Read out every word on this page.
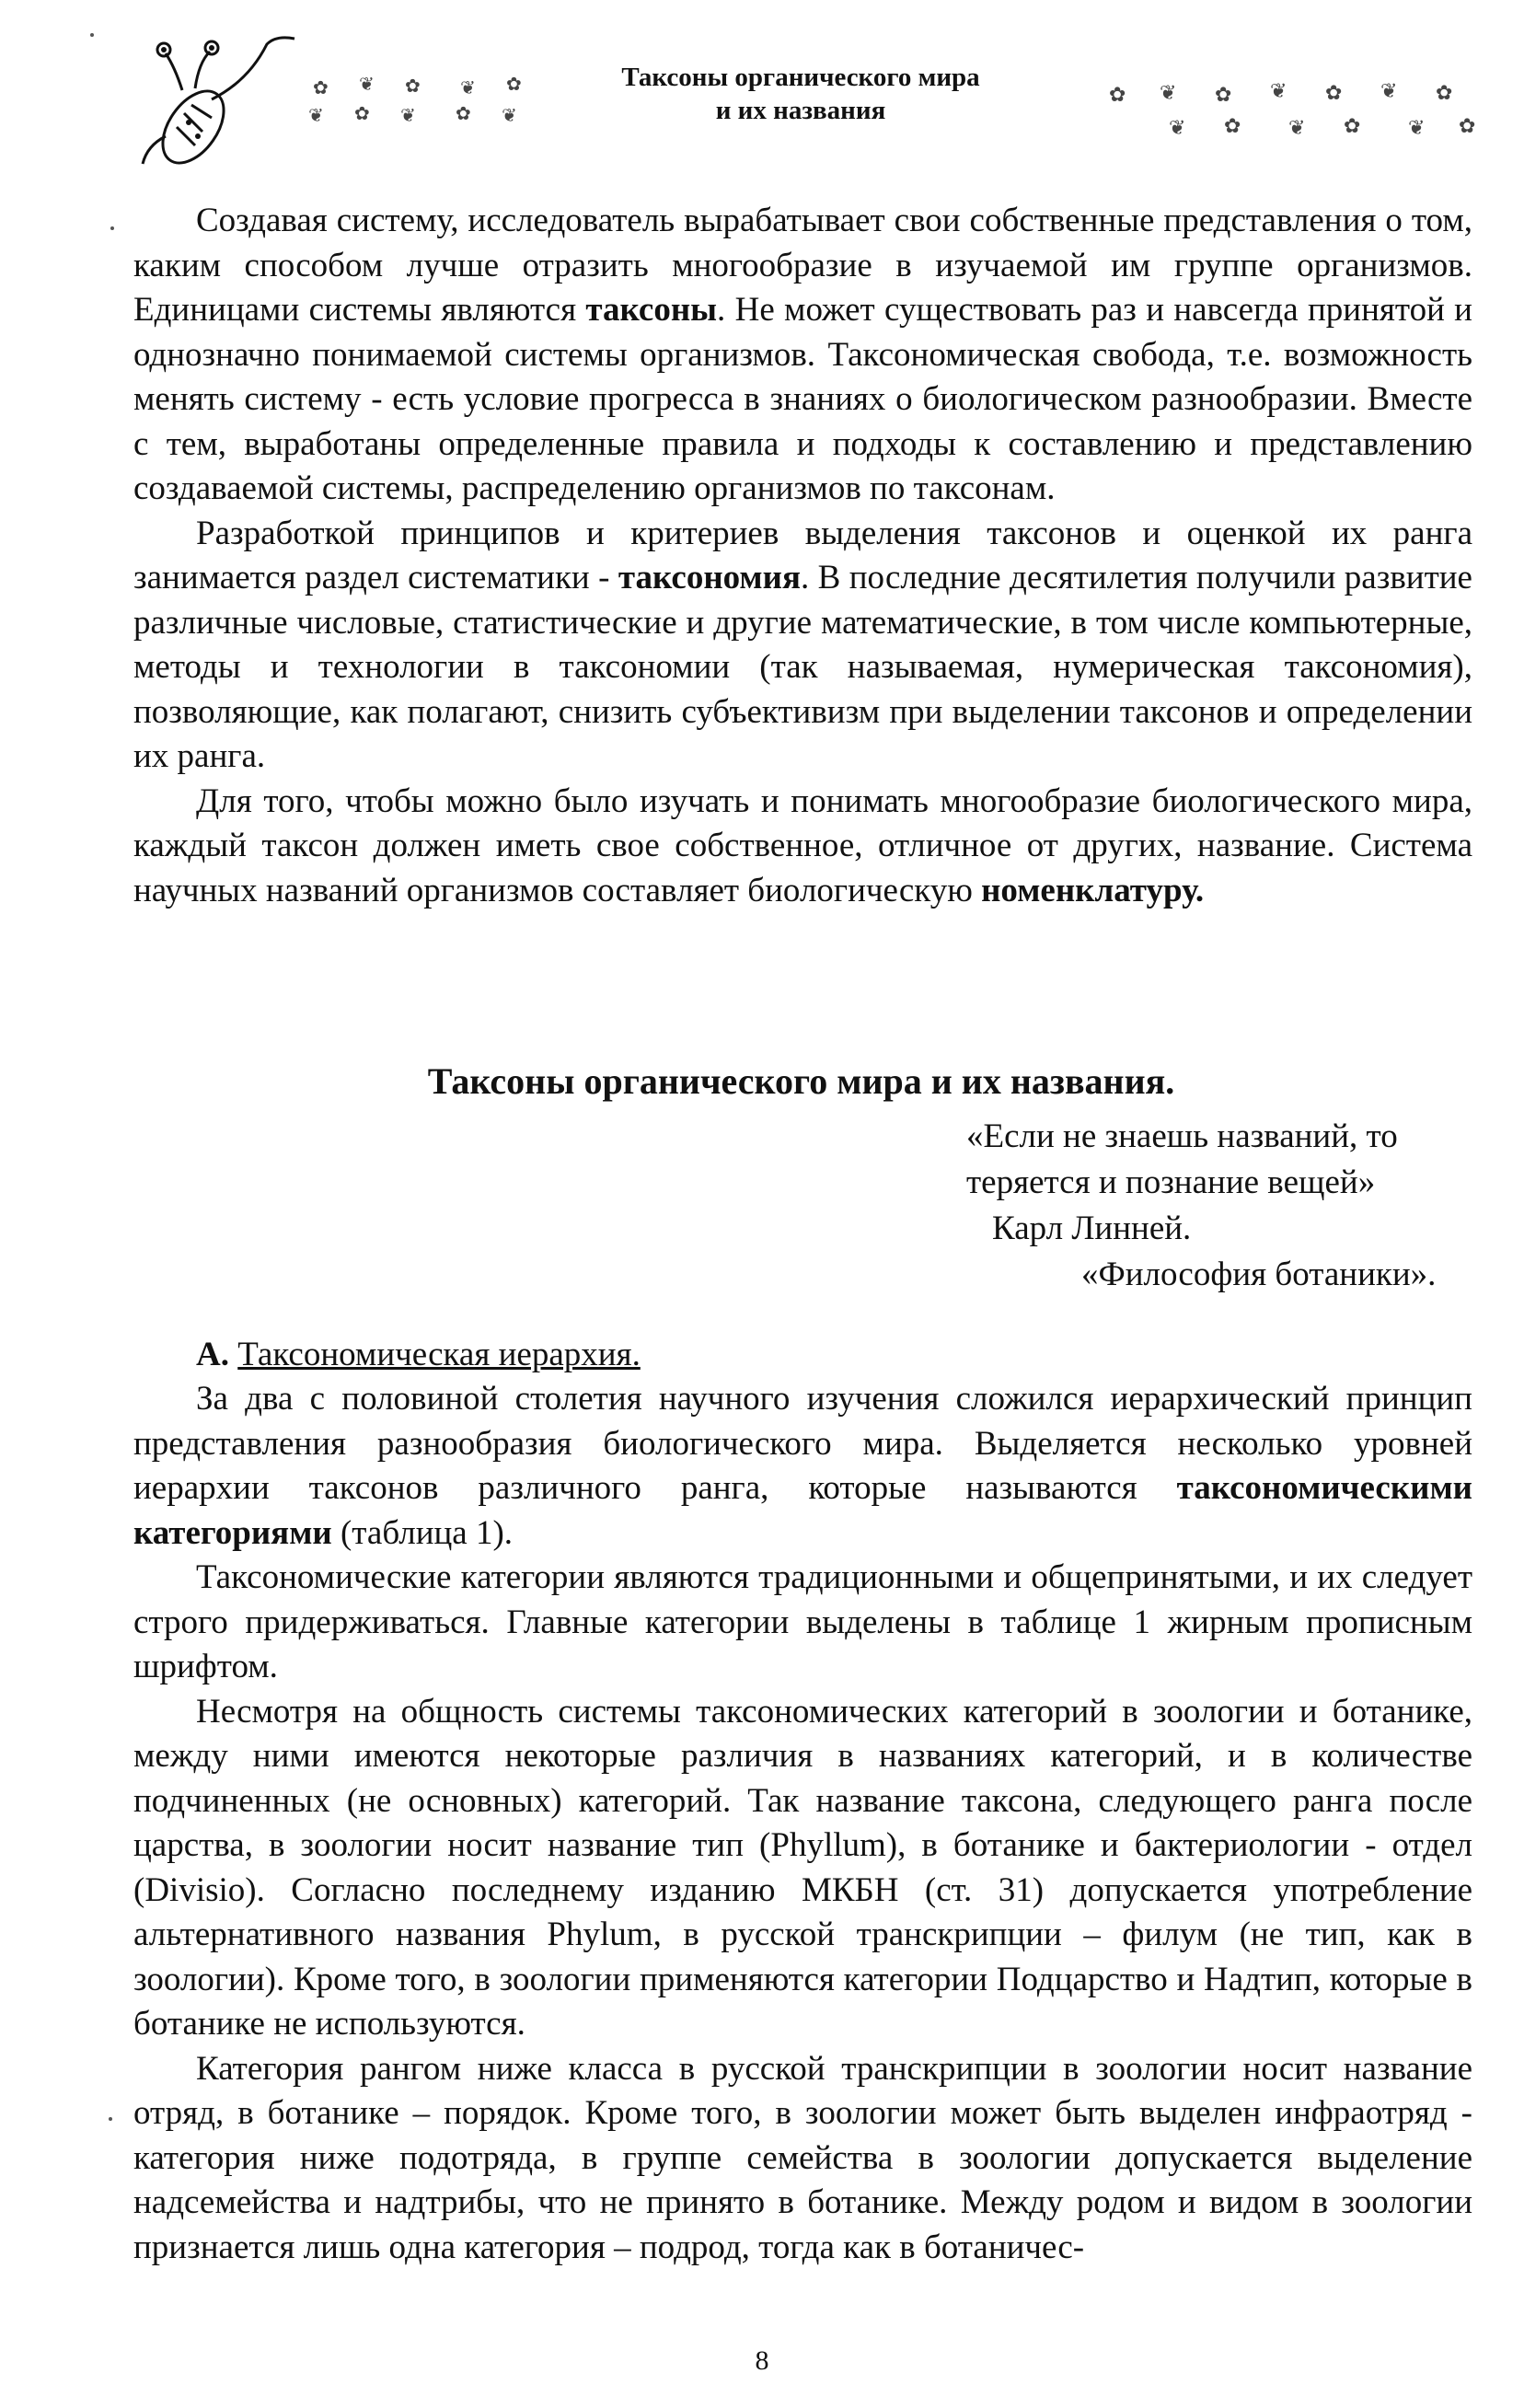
✿ ❦ ✿ ❦ ✿
❦ ✿ ❦ ✿ ❦
✿ ❦ ✿ ❦ ✿ ❦ ✿
❦ ✿ ❦ ✿ ❦ ✿
Таксоны органического мира
и их названия

Создавая систему, исследователь вырабатывает свои собственные представления о том, каким способом лучше отразить многообразие в изучаемой им группе организмов. Единицами системы являются таксоны. Не может существовать раз и навсегда принятой и однозначно понимаемой системы организмов. Таксономическая свобода, т.е. возможность менять систему - есть условие прогресса в знаниях о биологическом разнообразии. Вместе с тем, выработаны определенные правила и подходы к составлению и представлению создаваемой системы, распределению организмов по таксонам.

Разработкой принципов и критериев выделения таксонов и оценкой их ранга занимается раздел систематики - таксономия. В последние десятилетия получили развитие различные числовые, статистические и другие математические, в том числе компьютерные, методы и технологии в таксономии (так называемая, нумерическая таксономия), позволяющие, как полагают, снизить субъективизм при выделении таксонов и определении их ранга.

Для того, чтобы можно было изучать и понимать многообразие биологического мира, каждый таксон должен иметь свое собственное, отличное от других, название. Система научных названий организмов составляет биологическую номенклатуру.

Таксоны органического мира и их названия.
«Если не знаешь названий, то
теряется и познание вещей»
Карл Линней.
«Философия ботаники».
А. Таксономическая иерархия.

За два с половиной столетия научного изучения сложился иерархический принцип представления разнообразия биологического мира. Выделяется несколько уровней иерархии таксонов различного ранга, которые называются таксономическими категориями (таблица 1).

Таксономические категории являются традиционными и общепринятыми, и их следует строго придерживаться. Главные категории выделены в таблице 1 жирным прописным шрифтом.

Несмотря на общность системы таксономических категорий в зоологии и ботанике, между ними имеются некоторые различия в названиях категорий, и в количестве подчиненных (не основных) категорий. Так название таксона, следующего ранга после царства, в зоологии носит название тип (Phyllum), в ботанике и бактериологии - отдел (Divisio). Согласно последнему изданию МКБН (ст. 31) допускается употребление альтернативного названия Phylum, в русской транскрипции – филум (не тип, как в зоологии). Кроме того, в зоологии применяются категории Подцарство и Надтип, которые в ботанике не используются.

Категория рангом ниже класса в русской транскрипции в зоологии носит название отряд, в ботанике – порядок. Кроме того, в зоологии может быть выделен инфраотряд - категория ниже подотряда, в группе семейства в зоологии допускается выделение надсемейства и надтрибы, что не принято в ботанике. Между родом и видом в зоологии признается лишь одна категория – подрод, тогда как в ботаничес-

8
